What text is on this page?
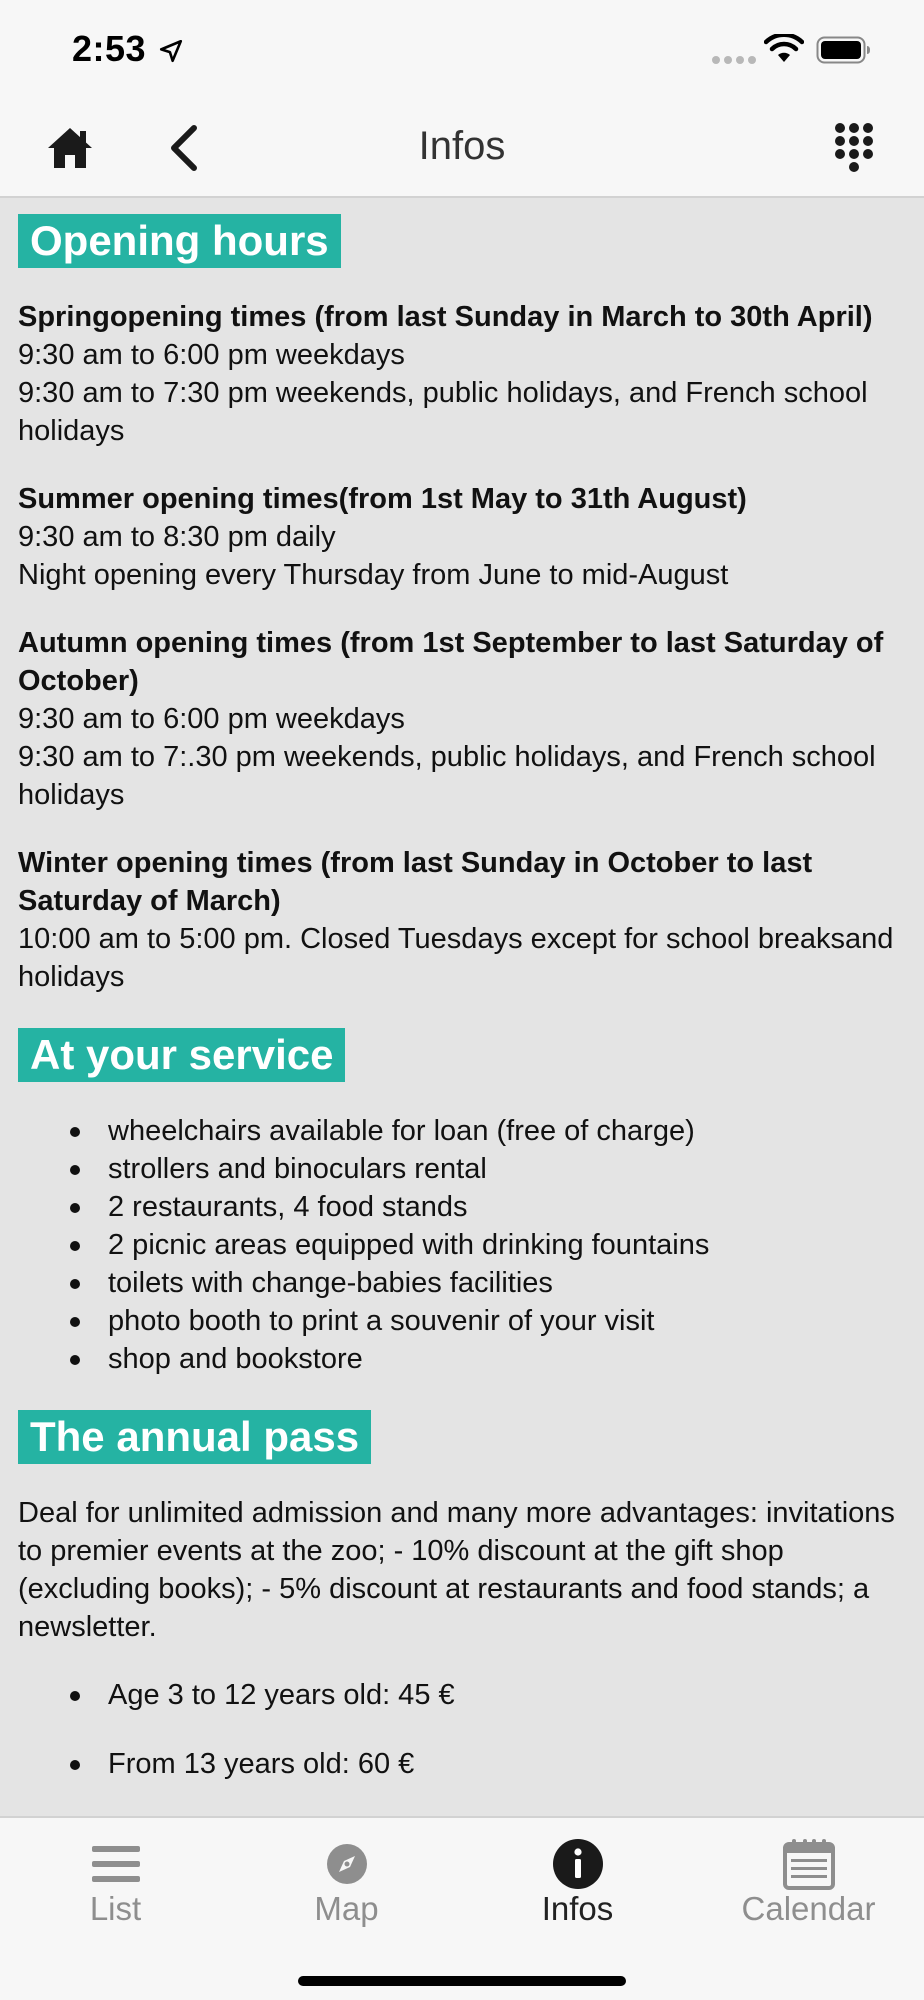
2:53
Infos
Opening hours
Springopening times (from last Sunday in March to 30th April)
9:30 am to 6:00 pm weekdays
9:30 am to 7:30 pm weekends, public holidays, and French school holidays
Summer opening times(from 1st May to 31th August)
9:30 am to 8:30 pm daily
Night opening every Thursday from June to mid-August
Autumn opening times (from 1st September to last Saturday of October)
9:30 am to 6:00 pm weekdays
9:30 am to 7:.30 pm weekends, public holidays, and French school holidays
Winter opening times (from last Sunday in October to last Saturday of March)
10:00 am to 5:00 pm. Closed Tuesdays except for school breaksand holidays
At your service
wheelchairs available for loan (free of charge)
strollers and binoculars rental
2 restaurants, 4 food stands
2 picnic areas equipped with drinking fountains
toilets with change-babies facilities
photo booth to print a souvenir of your visit
shop and bookstore
The annual pass
Deal for unlimited admission and many more advantages: invitations to premier events at the zoo; - 10% discount at the gift shop (excluding books); - 5% discount at restaurants and food stands; a newsletter.
Age 3 to 12 years old: 45 €
From 13 years old: 60 €
List	Map	Infos	Calendar
